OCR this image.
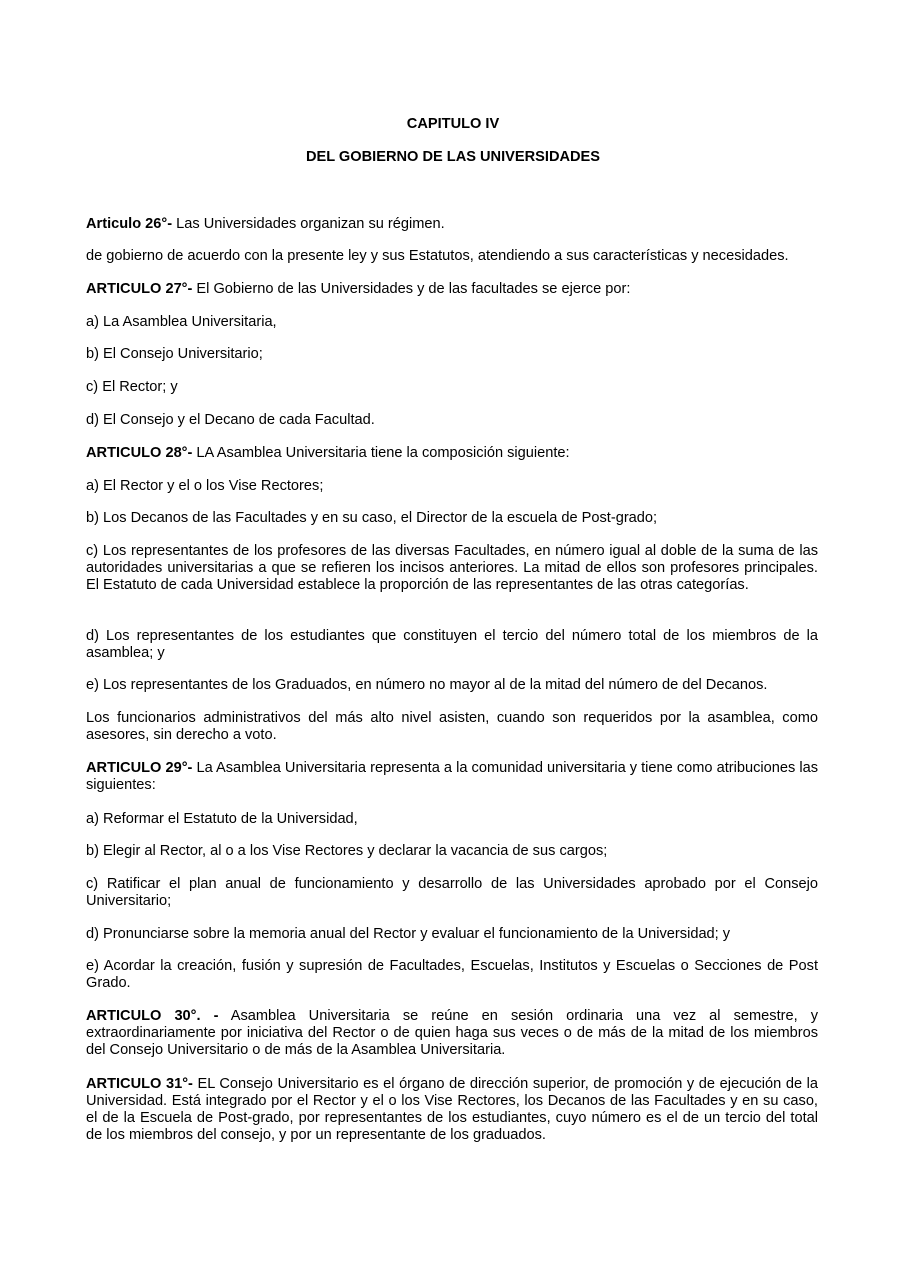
CAPITULO IV

DEL GOBIERNO DE LAS UNIVERSIDADES

Articulo 26°- Las Universidades organizan su régimen.

de gobierno de acuerdo con la presente ley y sus Estatutos, atendiendo a sus características y necesidades.

ARTICULO 27°- El Gobierno de las Universidades y de las facultades se ejerce por:

a) La Asamblea Universitaria,

b) El Consejo Universitario;

c) El Rector; y

d) El Consejo y el Decano de cada Facultad.

ARTICULO 28°- LA Asamblea Universitaria tiene la composición siguiente:

a) El Rector y el o los Vise Rectores;

b) Los Decanos de las Facultades y en su caso, el Director de la escuela de Post-grado;

c) Los representantes de los profesores de las diversas Facultades, en número igual al doble de la suma de las autoridades universitarias a que se refieren los incisos anteriores. La mitad de ellos son profesores principales. El Estatuto de cada Universidad establece la proporción de las representantes de las otras categorías.

d) Los representantes de los estudiantes que constituyen el tercio del número total de los miembros de la asamblea; y

e) Los representantes de los Graduados, en número no mayor al de la mitad del número de del Decanos.

Los funcionarios administrativos del más alto nivel asisten, cuando son requeridos por la asamblea, como asesores, sin derecho a voto.

ARTICULO 29°- La Asamblea Universitaria representa a la comunidad universitaria y tiene como atribuciones las siguientes:

a) Reformar el Estatuto de la Universidad,

b) Elegir al Rector, al o a los Vise Rectores y declarar la vacancia de sus cargos;

c) Ratificar el plan anual de funcionamiento y desarrollo de las Universidades aprobado por el Consejo Universitario;

d) Pronunciarse sobre la memoria anual del Rector y evaluar el funcionamiento de la Universidad; y

e) Acordar la creación, fusión y supresión de Facultades, Escuelas, Institutos y Escuelas o Secciones de Post Grado.

ARTICULO 30°. - Asamblea Universitaria se reúne en sesión ordinaria una vez al semestre, y extraordinariamente por iniciativa del Rector o de quien haga sus veces o de más de la mitad de los miembros del Consejo Universitario o de más de la Asamblea Universitaria.

ARTICULO 31°- EL Consejo Universitario es el órgano de dirección superior, de promoción y de ejecución de la Universidad. Está integrado por el Rector y el o los Vise Rectores, los Decanos de las Facultades y en su caso, el de la Escuela de Post-grado, por representantes de los estudiantes, cuyo número es el de un tercio del total de los miembros del consejo, y por un representante de los graduados.
